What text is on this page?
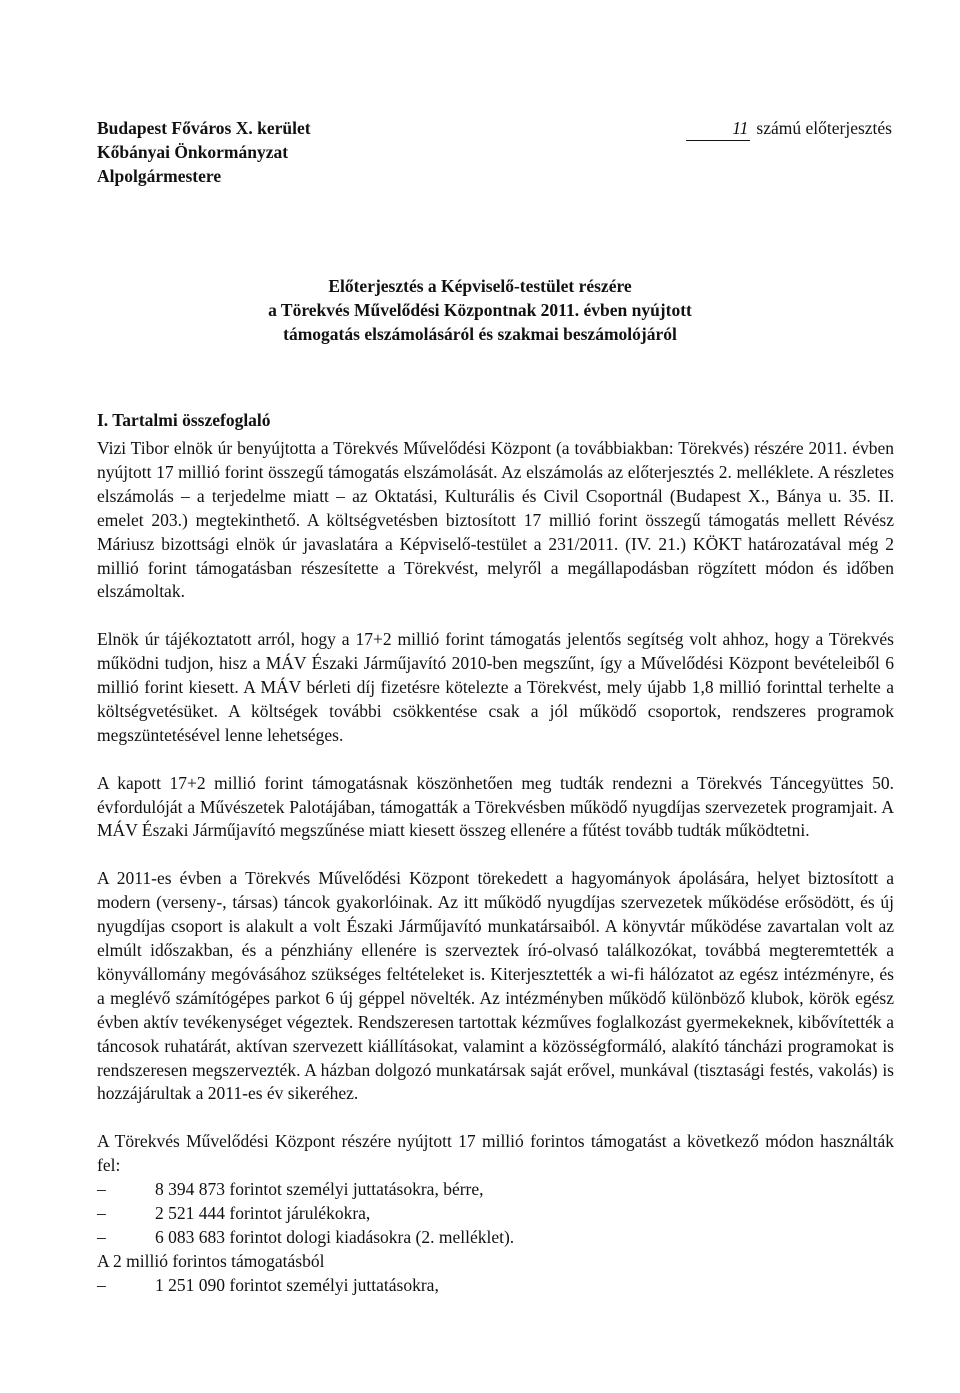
Budapest Főváros X. kerület
Kőbányai Önkormányzat
Alpolgármestere
11 számú előterjesztés
Előterjesztés a Képviselő-testület részére
a Törekvés Művelődési Központnak 2011. évben nyújtott
támogatás elszámolásáról és szakmai beszámolójáról
I. Tartalmi összefoglaló

Vizi Tibor elnök úr benyújtotta a Törekvés Művelődési Központ (a továbbiakban: Törekvés) részére 2011. évben nyújtott 17 millió forint összegű támogatás elszámolását. Az elszámolás az előterjesztés 2. melléklete. A részletes elszámolás – a terjedelme miatt – az Oktatási, Kulturális és Civil Csoportnál (Budapest X., Bánya u. 35. II. emelet 203.) megtekinthető. A költségvetésben biztosított 17 millió forint összegű támogatás mellett Révész Máriusz bizottsági elnök úr javaslatára a Képviselő-testület a 231/2011. (IV. 21.) KÖKT határozatával még 2 millió forint támogatásban részesítette a Törekvést, melyről a megállapodásban rögzített módon és időben elszámoltak.

Elnök úr tájékoztatott arról, hogy a 17+2 millió forint támogatás jelentős segítség volt ahhoz, hogy a Törekvés működni tudjon, hisz a MÁV Északi Járműjavító 2010-ben megszűnt, így a Művelődési Központ bevételeiből 6 millió forint kiesett. A MÁV bérleti díj fizetésre kötelezte a Törekvést, mely újabb 1,8 millió forinttal terhelte a költségvetésüket. A költségek további csökkentése csak a jól működő csoportok, rendszeres programok megszüntetésével lenne lehetséges.

A kapott 17+2 millió forint támogatásnak köszönhetően meg tudták rendezni a Törekvés Táncegyüttes 50. évfordulóját a Művészetek Palotájában, támogatták a Törekvésben működő nyugdíjas szervezetek programjait. A MÁV Északi Járműjavító megszűnése miatt kiesett összeg ellenére a fűtést tovább tudták működtetni.

A 2011-es évben a Törekvés Művelődési Központ törekedett a hagyományok ápolására, helyet biztosított a modern (verseny-, társas) táncok gyakorlóinak. Az itt működő nyugdíjas szervezetek működése erősödött, és új nyugdíjas csoport is alakult a volt Északi Járműjavító munkatársaiból. A könyvtár működése zavartalan volt az elmúlt időszakban, és a pénzhiány ellenére is szerveztek író-olvasó találkozókat, továbbá megteremtették a könyvállomány megóvásához szükséges feltételeket is. Kiterjesztették a wi-fi hálózatot az egész intézményre, és a meglévő számítógépes parkot 6 új géppel növelték. Az intézményben működő különböző klubok, körök egész évben aktív tevékenységet végeztek. Rendszeresen tartottak kézműves foglalkozást gyermekeknek, kibővítették a táncosok ruhatárát, aktívan szervezett kiállításokat, valamint a közösségformáló, alakító táncházi programokat is rendszeresen megszervezték. A házban dolgozó munkatársak saját erővel, munkával (tisztasági festés, vakolás) is hozzájárultak a 2011-es év sikeréhez.

A Törekvés Művelődési Központ részére nyújtott 17 millió forintos támogatást a következő módon használták fel:
–	8 394 873 forintot személyi juttatásokra, bérre,
–	2 521 444 forintot járulékokra,
–	6 083 683 forintot dologi kiadásokra (2. melléklet).
A 2 millió forintos támogatásból
–	1 251 090 forintot személyi juttatásokra,
